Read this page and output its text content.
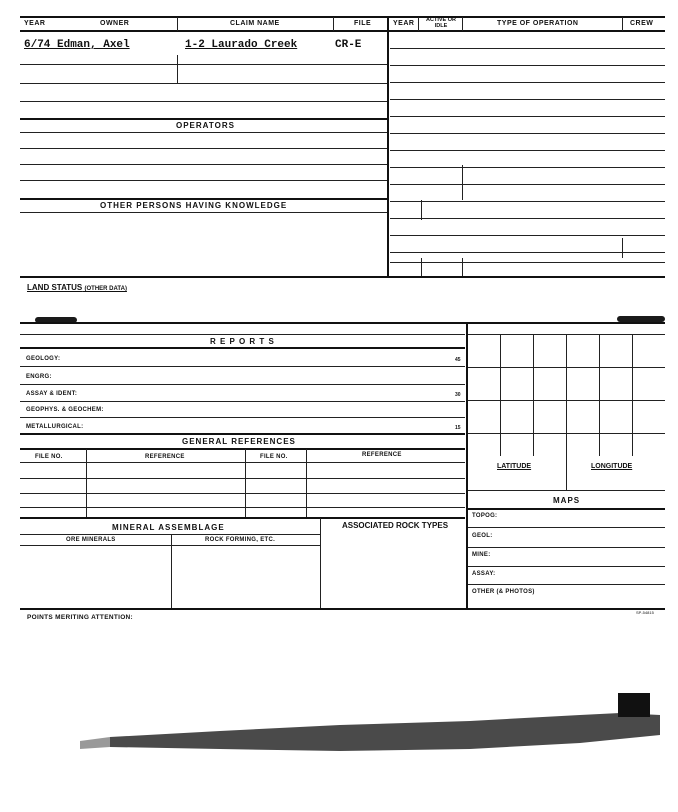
YEAR	OWNER	CLAIM NAME	FILE	YEAR	ACTIVE OR IDLE	TYPE OF OPERATION	CREW
6/74 Edman, Axel	1-2 Laurado Creek	CR-E
OPERATORS
OTHER PERSONS HAVING KNOWLEDGE
LAND STATUS (OTHER DATA)
R E P O R T S
GEOLOGY:	45
ENGRG:
ASSAY & IDENT:	30
GEOPHYS. & GEOCHEM:
METALLURGICAL:	15
GENERAL REFERENCES
FILE NO.	REFERENCE	FILE NO.	REFERENCE
MINERAL ASSEMBLAGE	ASSOCIATED ROCK TYPES
ORE MINERALS	ROCK FORMING, ETC.
LATITUDE	LONGITUDE
MAPS
TOPOG:
GEOL:
MINE:
ASSAY:
OTHER (& PHOTOS)
POINTS MERITING ATTENTION:
SP-54815
